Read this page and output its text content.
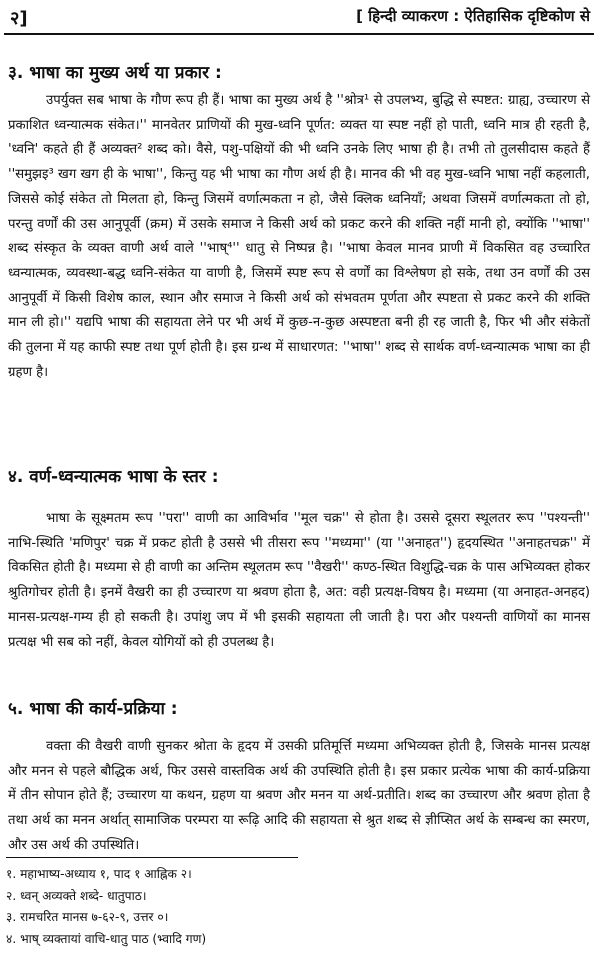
२]	[ हिन्दी व्याकरण : ऐतिहासिक दृष्टिकोण से
३. भाषा का मुख्य अर्थ या प्रकार :

उपर्युक्त सब भाषा के गौण रूप ही हैं। भाषा का मुख्य अर्थ है ''श्रोत्र¹ से उपलभ्य, बुद्धि से स्पष्टत: ग्राह्य, उच्चारण से प्रकाशित ध्वन्यात्मक संकेत।'' मानवेतर प्राणियों की मुख-ध्वनि पूर्णत: व्यक्त या स्पष्ट नहीं हो पाती, ध्वनि मात्र ही रहती है, 'ध्वनि' कहते ही हैं अव्यक्त² शब्द को। वैसे, पशु-पक्षियों की भी ध्वनि उनके लिए भाषा ही है। तभी तो तुलसीदास कहते हैं ''समुझइ³ खग खग ही के भाषा'', किन्तु यह भी भाषा का गौण अर्थ ही है। मानव की भी वह मुख-ध्वनि भाषा नहीं कहलाती, जिससे कोई संकेत तो मिलता हो, किन्तु जिसमें वर्णात्मकता न हो, जैसे क्लिक ध्वनियाँ; अथवा जिसमें वर्णात्मकता तो हो, परन्तु वर्णों की उस आनुपूर्वी (क्रम) में उसके समाज ने किसी अर्थ को प्रकट करने की शक्ति नहीं मानी हो, क्योंकि ''भाषा'' शब्द संस्कृत के व्यक्त वाणी अर्थ वाले ''भाष्⁴'' धातु से निष्पन्न है। ''भाषा केवल मानव प्राणी में विकसित वह उच्चारित ध्वन्यात्मक, व्यवस्था-बद्ध ध्वनि-संकेत या वाणी है, जिसमें स्पष्ट रूप से वर्णों का विश्लेषण हो सके, तथा उन वर्णों की उस आनुपूर्वी में किसी विशेष काल, स्थान और समाज ने किसी अर्थ को संभवतम पूर्णता और स्पष्टता से प्रकट करने की शक्ति मान ली हो।'' यद्यपि भाषा की सहायता लेने पर भी अर्थ में कुछ-न-कुछ अस्पष्टता बनी ही रह जाती है, फिर भी और संकेतों की तुलना में यह काफी स्पष्ट तथा पूर्ण होती है। इस ग्रन्थ में साधारणत: ''भाषा'' शब्द से सार्थक वर्ण-ध्वन्यात्मक भाषा का ही ग्रहण है।

४. वर्ण-ध्वन्यात्मक भाषा के स्तर :

भाषा के सूक्ष्मतम रूप ''परा'' वाणी का आविर्भाव ''मूल चक्र'' से होता है। उससे दूसरा स्थूलतर रूप ''पश्यन्ती'' नाभि-स्थिति 'मणिपुर' चक्र में प्रकट होती है उससे भी तीसरा रूप ''मध्यमा'' (या ''अनाहत'') हृदयस्थित ''अनाहतचक्र'' में विकसित होती है। मध्यमा से ही वाणी का अन्तिम स्थूलतम रूप ''वैखरी'' कण्ठ-स्थित विशुद्धि-चक्र के पास अभिव्यक्त होकर श्रुतिगोचर होती है। इनमें वैखरी का ही उच्चारण या श्रवण होता है, अत: वही प्रत्यक्ष-विषय है। मध्यमा (या अनाहत-अनहद) मानस-प्रत्यक्ष-गम्य ही हो सकती है। उपांशु जप में भी इसकी सहायता ली जाती है। परा और पश्यन्ती वाणियों का मानस प्रत्यक्ष भी सब को नहीं, केवल योगियों को ही उपलब्ध है।

५. भाषा की कार्य-प्रक्रिया :

वक्ता की वैखरी वाणी सुनकर श्रोता के हृदय में उसकी प्रतिमूर्त्ति मध्यमा अभिव्यक्त होती है, जिसके मानस प्रत्यक्ष और मनन से पहले बौद्धिक अर्थ, फिर उससे वास्तविक अर्थ की उपस्थिति होती है। इस प्रकार प्रत्येक भाषा की कार्य-प्रक्रिया में तीन सोपान होते हैं; उच्चारण या कथन, ग्रहण या श्रवण और मनन या अर्थ-प्रतीति। शब्द का उच्चारण और श्रवण होता है तथा अर्थ का मनन अर्थात् सामाजिक परम्परा या रूढ़ि आदि की सहायता से श्रुत शब्द से ज्ञीप्सित अर्थ के सम्बन्ध का स्मरण, और उस अर्थ की उपस्थिति।

१. महाभाष्य-अध्याय १, पाद १ आह्निक २।
२. ध्वन् अव्यक्ते शब्दे- धातुपाठ।
३. रामचरित मानस ७-६२-९, उत्तर ०।
४. भाष् व्यक्तायां वाचि-धातु पाठ (भ्वादि गण)
